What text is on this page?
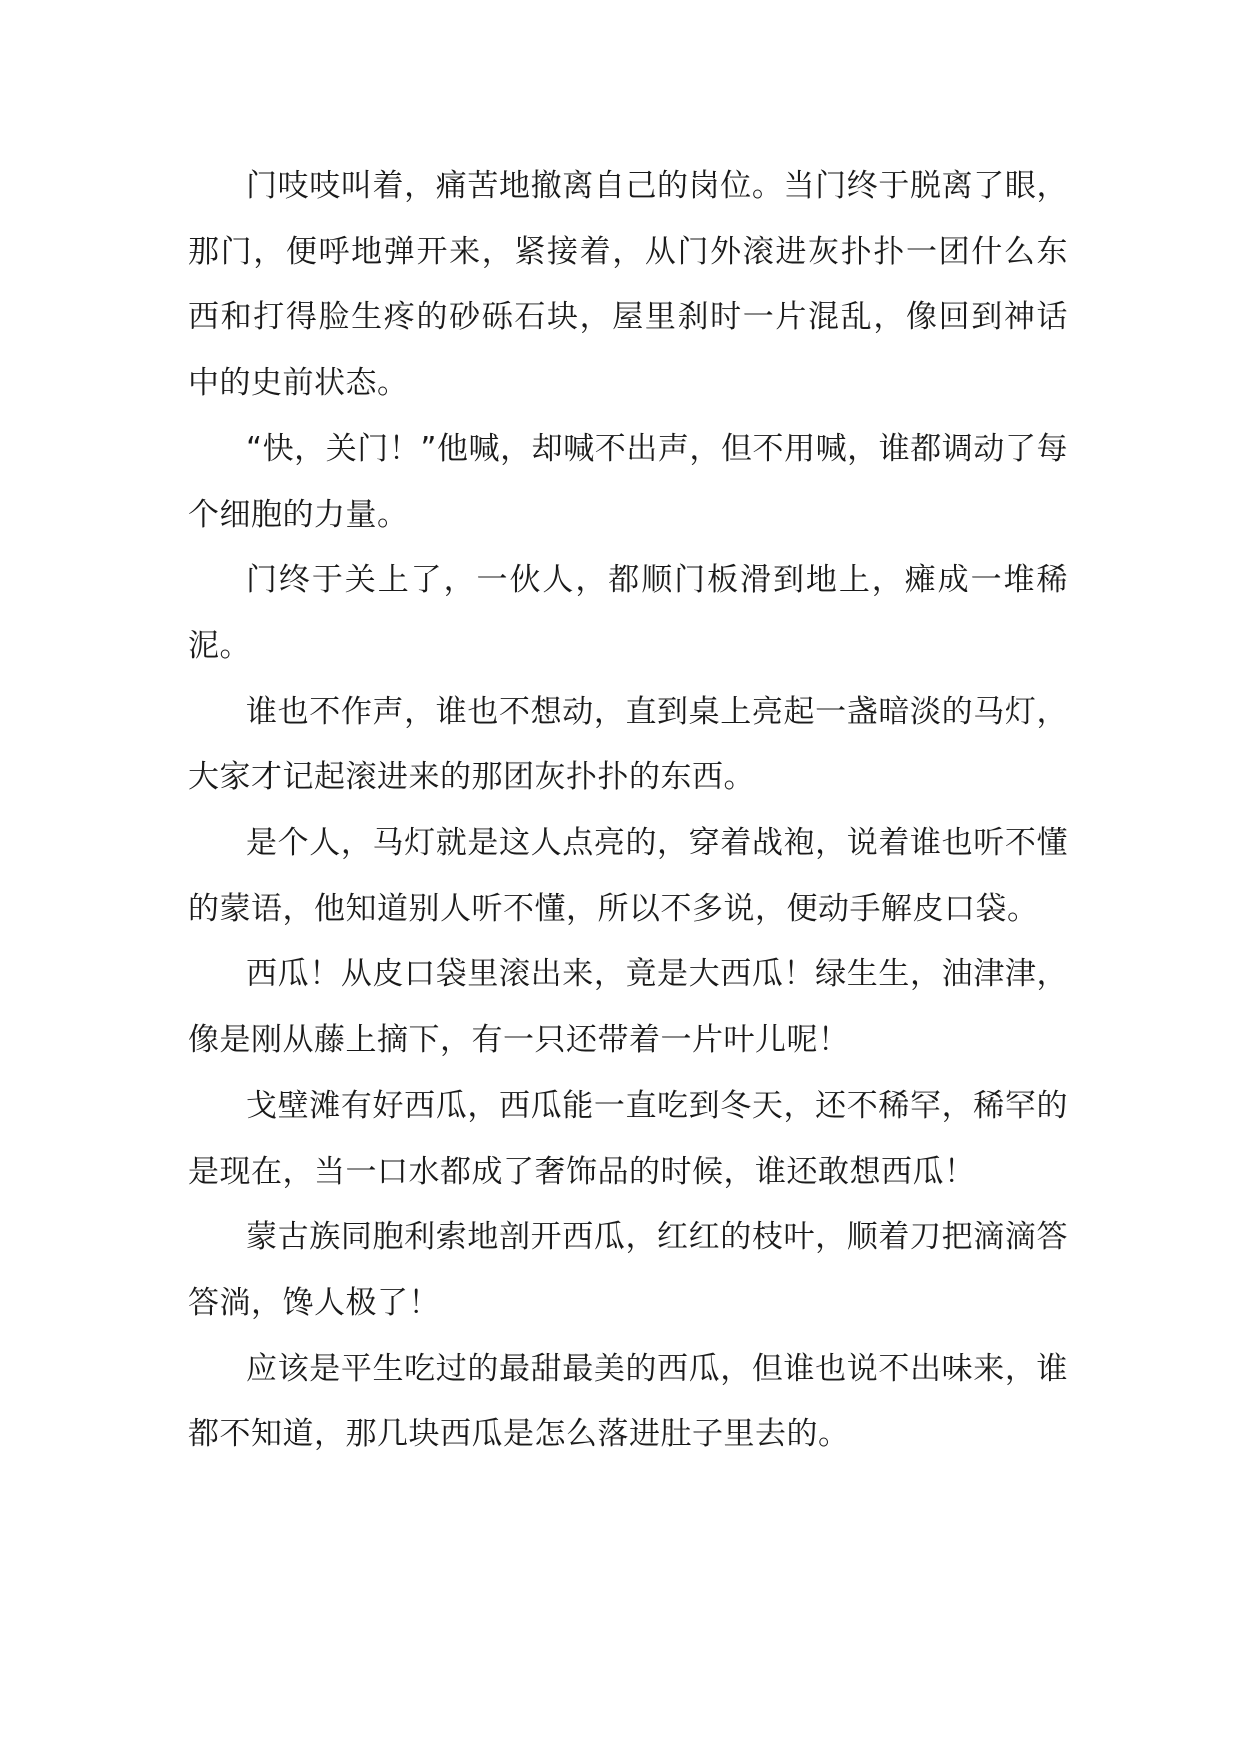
门吱吱叫着，痛苦地撤离自己的岗位。当门终于脱离了眼，那门，便呼地弹开来，紧接着，从门外滚进灰扑扑一团什么东西和打得脸生疼的砂砾石块，屋里刹时一片混乱，像回到神话中的史前状态。

“快，关门！”他喊，却喊不出声，但不用喊，谁都调动了每个细胞的力量。

门终于关上了，一伙人，都顺门板滑到地上，瘫成一堆稀泥。

谁也不作声，谁也不想动，直到桌上亮起一盏暗淡的马灯，大家才记起滚进来的那团灰扑扑的东西。

是个人，马灯就是这人点亮的，穿着战袍，说着谁也听不懂的蒙语，他知道别人听不懂，所以不多说，便动手解皮口袋。

西瓜！从皮口袋里滚出来，竟是大西瓜！绿生生，油津津，像是刚从藤上摘下，有一只还带着一片叶儿呢！

戈壁滩有好西瓜，西瓜能一直吃到冬天，还不稀罕，稀罕的是现在，当一口水都成了奢饰品的时候，谁还敢想西瓜！

蒙古族同胞利索地剖开西瓜，红红的枝叶，顺着刀把滴滴答答淌，馋人极了！

应该是平生吃过的最甜最美的西瓜，但谁也说不出味来，谁都不知道，那几块西瓜是怎么落进肚子里去的。
